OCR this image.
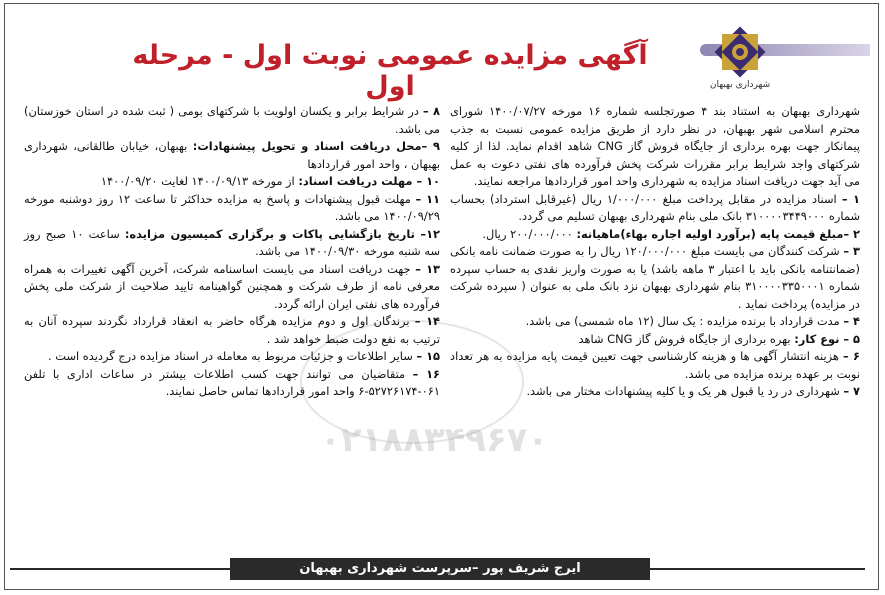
شهرداری بهبهان
آگهی مزایده عمومی نوبت اول - مرحله اول
۰۲۱۸۸۳۴۹۶۷۰

شهرداری بهبهان به استناد بند ۴ صورتجلسه شماره ۱۶ مورخه ۱۴۰۰/۰۷/۲۷ شورای محترم اسلامی شهر بهبهان، در نظر دارد از طریق مزایده عمومی نسبت به جذب پیمانکار جهت بهره برداری از جایگاه فروش گاز CNG شاهد اقدام نماید. لذا از کلیه شرکتهای واجد شرایط برابر مقررات شرکت پخش فرآورده های نفتی دعوت به عمل می آید جهت دریافت اسناد مزایده به شهرداری واحد امور قراردادها مراجعه نمایند.

۱ – اسناد مزایده در مقابل پرداخت مبلغ ۱/۰۰۰/۰۰۰ ریال (غیرقابل استرداد) بحساب شماره ۳۱۰۰۰۰۳۴۴۹۰۰۰ بانک ملی بنام شهرداری بهبهان تسلیم می گردد.

۲ –مبلغ قیمت پایه (برآورد اولیه اجاره بهاء)ماهیانه: ۲۰۰/۰۰۰/۰۰۰ ریال.

۳ – شرکت کنندگان می بایست مبلغ ۱۲۰/۰۰۰/۰۰۰ ریال را به صورت ضمانت نامه بانکی (ضمانتنامه بانکی باید با اعتبار ۳ ماهه باشد) یا به صورت واریز نقدی به حساب سپرده شماره ۳۱۰۰۰۰۳۳۵۰۰۰۱ بنام شهرداری بهبهان نزد بانک ملی به عنوان ( سپرده شرکت در مزایده) پرداخت نماید .

۴ – مدت قرارداد با برنده مزایده : یک سال (۱۲ ماه شمسی) می باشد.

۵ – نوع کار: بهره برداری از جایگاه فروش گاز CNG شاهد

۶ – هزینه انتشار آگهی ها و هزینه کارشناسی جهت تعیین قیمت پایه مزایده به هر تعداد نوبت بر عهده برنده مزایده می باشد.

۷ – شهرداری در رد یا قبول هر یک و یا کلیه پیشنهادات مختار می باشد.

۸ – در شرایط برابر و یکسان اولویت با شرکتهای بومی ( ثبت شده در استان خوزستان) می باشد.

۹ –محل دریافت اسناد و تحویل پیشنهادات: بهبهان، خیابان طالقانی، شهرداری بهبهان ، واحد امور قراردادها

۱۰ – مهلت دریافت اسناد: از مورخه ۱۴۰۰/۰۹/۱۳ لغایت ۱۴۰۰/۰۹/۲۰

۱۱ – مهلت قبول پیشنهادات و پاسخ به مزایده حداکثر تا ساعت ۱۲ روز دوشنبه مورخه ۱۴۰۰/۰۹/۲۹ می باشد.

۱۲– تاریخ بازگشایی پاکات و برگزاری کمیسیون مزایده: ساعت ۱۰ صبح روز سه شنبه مورخه ۱۴۰۰/۰۹/۳۰ می باشد.

۱۳ – جهت دریافت اسناد می بایست اساسنامه شرکت، آخرین آگهی تغییرات به همراه معرفی نامه از طرف شرکت و همچنین گواهینامه تایید صلاحیت از شرکت ملی پخش فرآورده های نفتی ایران ارائه گردد.

۱۴ – برندگان اول و دوم مزایده هرگاه حاضر به انعقاد قرارداد نگردند سپرده آنان به ترتیب به نفع دولت ضبط خواهد شد .

۱۵ – سایر اطلاعات و جزئیات مربوط به معامله در اسناد مزایده درج گردیده است .

۱۶ – متقاضیان می توانند جهت کسب اطلاعات بیشتر در ساعات اداری با تلفن ۰۶۱-۵۲۷۲۶۱۷۴-۶ واحد امور قراردادها تماس حاصل نمایند.

ایرج شریف پور –سرپرست شهرداری بهبهان
